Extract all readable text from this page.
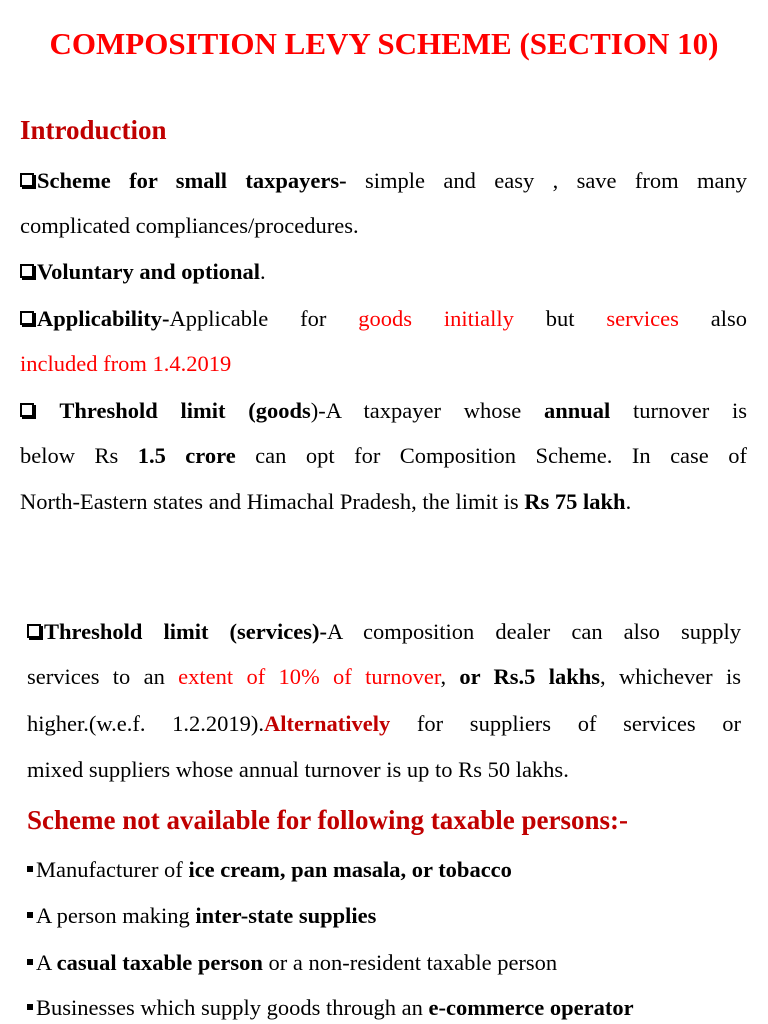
COMPOSITION LEVY SCHEME (SECTION 10)
Introduction
Scheme for small taxpayers- simple and easy , save from many
complicated compliances/procedures.
Voluntary and optional.
Applicability-Applicable for goods initially but services also
included from 1.4.2019
Threshold limit (goods)-A taxpayer whose annual turnover is
below Rs 1.5 crore can opt for Composition Scheme. In case of
North-Eastern states and Himachal Pradesh, the limit is Rs 75 lakh.
Threshold limit (services)-A composition dealer can also supply
services to an extent of 10% of turnover, or Rs.5 lakhs, whichever is
higher.(w.e.f. 1.2.2019).Alternatively for suppliers of services or
mixed suppliers whose annual turnover is up to Rs 50 lakhs.
Scheme not available for following taxable persons:-
Manufacturer of ice cream, pan masala, or tobacco
A person making inter-state supplies
A casual taxable person or a non-resident taxable person
Businesses which supply goods through an e-commerce operator
